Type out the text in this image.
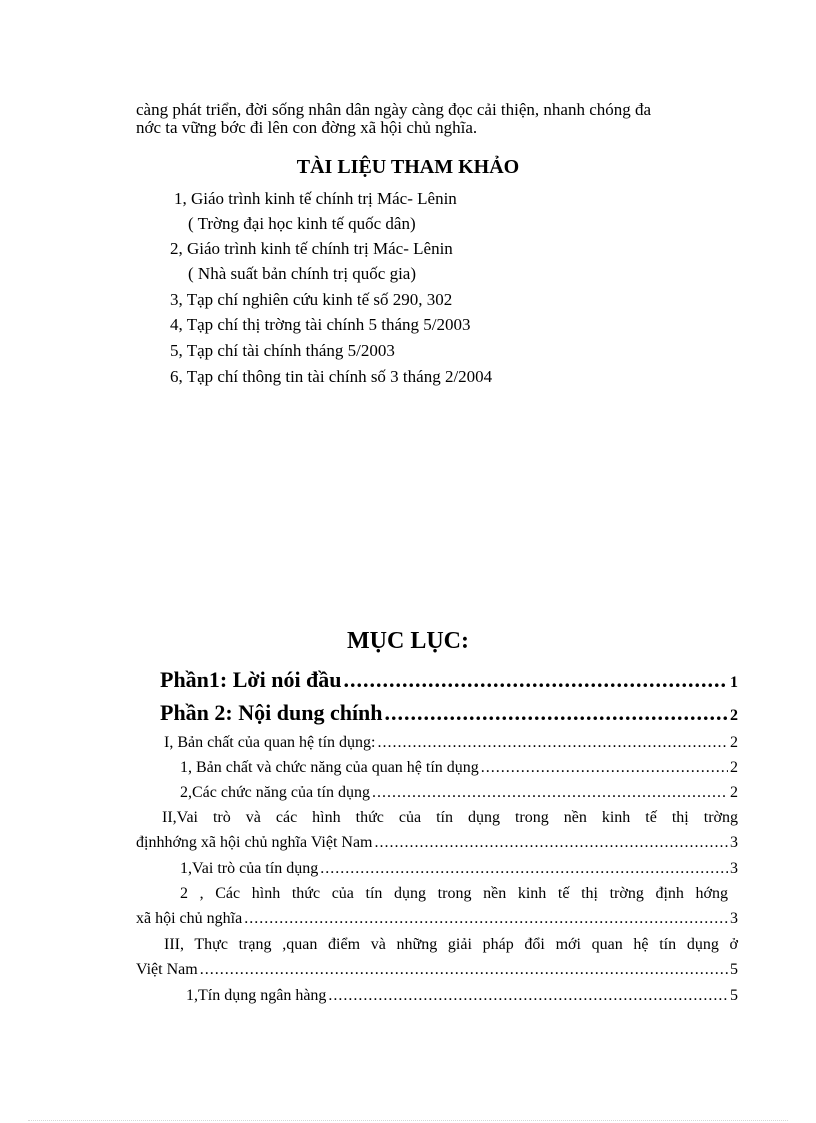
càng phát triển, đời sống nhân dân ngày càng đọc cải thiện, nhanh chóng đa
nớc ta vững bớc đi lên con đờng xã hội chủ nghĩa.
TÀI LIỆU THAM KHẢO
1, Giáo trình kinh tế chính trị Mác- Lênin
( Trờng đại học kinh tế quốc dân)
2, Giáo trình kinh tế chính trị Mác- Lênin
( Nhà suất bản chính trị quốc gia)
3, Tạp chí nghiên cứu kinh tế số 290, 302
4, Tạp chí thị trờng tài chính 5 tháng 5/2003
5, Tạp chí tài chính tháng 5/2003
6, Tạp chí thông tin tài chính số 3 tháng 2/2004
MỤC LỤC:
Phần1: Lời nói đầu .....	1
Phần 2: Nội dung chính .....	2
I, Bản chất của quan hệ tín dụng: .....	2
1, Bản chất và chức năng của quan hệ tín dụng .....	2
2,Các chức năng của tín dụng .....	2
II,Vai trò và các hình thức của tín dụng trong nền kinh tế thị trờng
địnhhớng xã hội chủ nghĩa Việt Nam .....	3
1,Vai trò của tín dụng .....	3
2 , Các hình thức của tín dụng trong nền kinh tế thị trờng định hớng
xã hội chủ nghĩa .....	3
III, Thực trạng ,quan điểm và những giải pháp đổi mới quan hệ tín dụng ở
Việt Nam .....	5
1,Tín dụng ngân hàng .....	5
